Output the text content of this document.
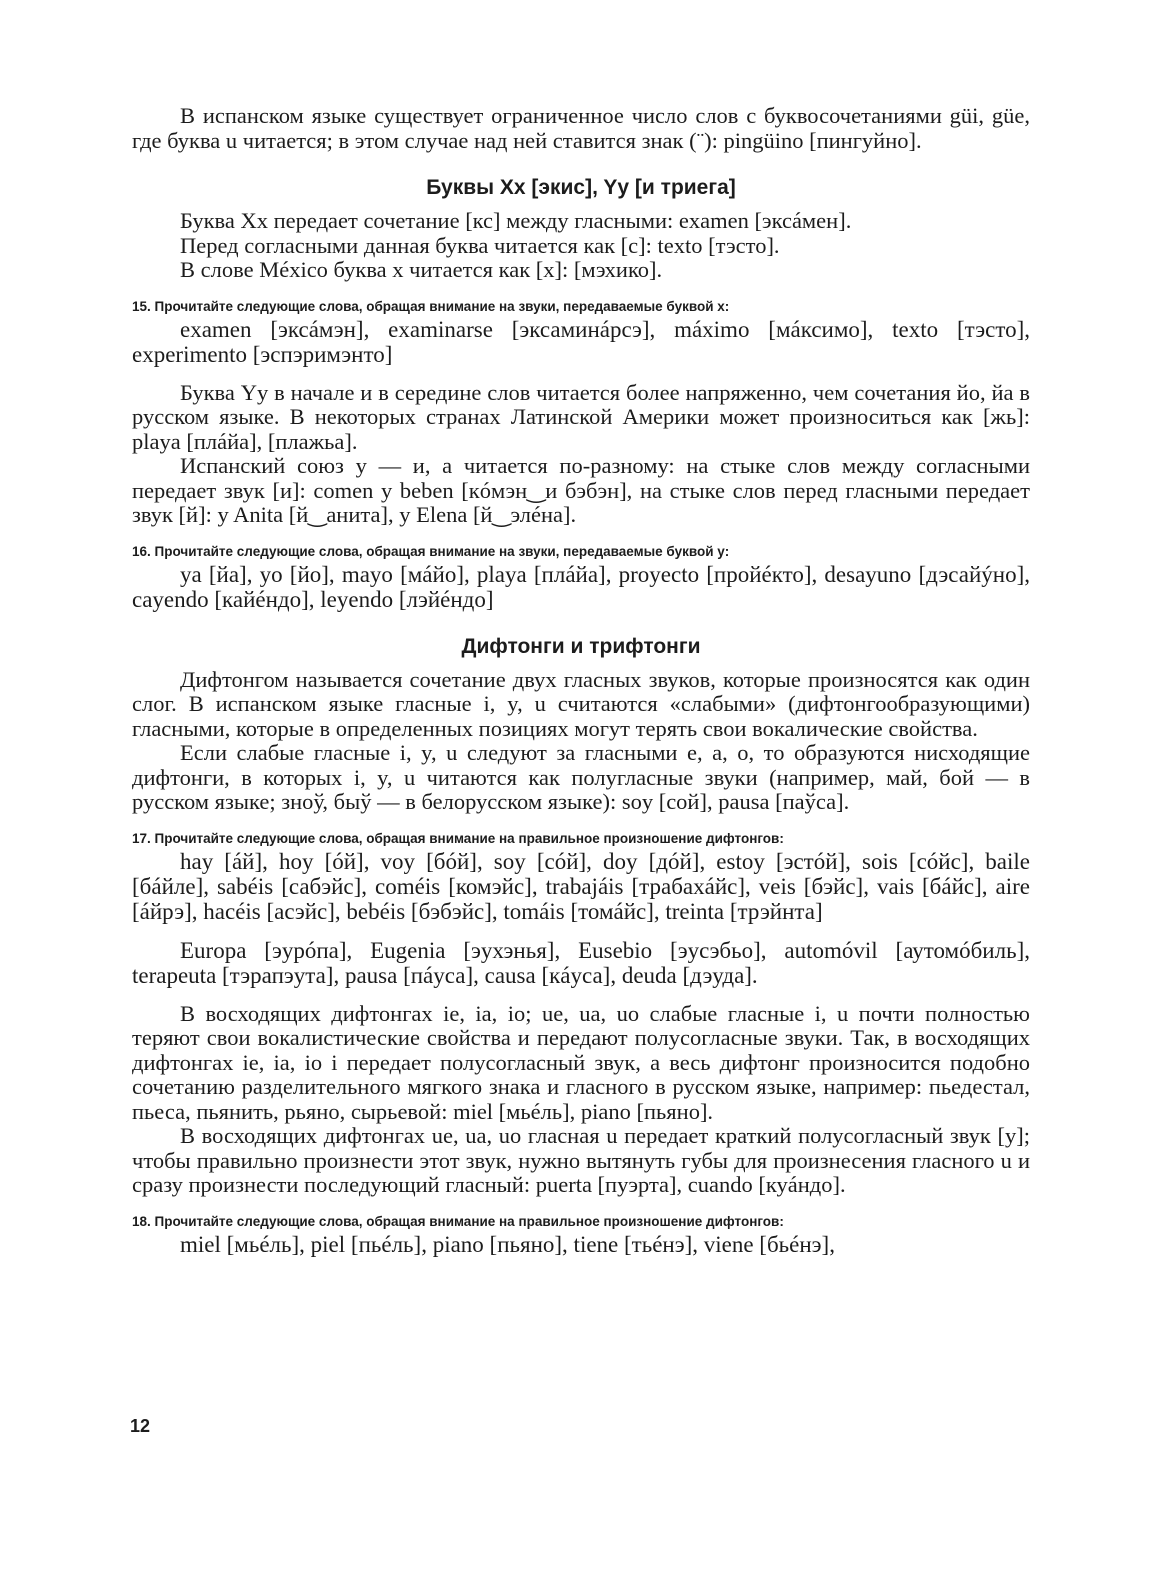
В испанском языке существует ограниченное число слов с буквосочетаниями güi, güe, где буква u читается; в этом случае над ней ставится знак (¨): pingüino [пингуйно].

Буквы Xx [экис], Yy [и триега]

Буква Xx передает сочетание [кс] между гласными: examen [эксáмен].

Перед согласными данная буква читается как [с]: texto [тэсто].

В слове México буква x читается как [х]: [мэхико].

15. Прочитайте следующие слова, обращая внимание на звуки, передаваемые буквой x:

examen [эксáмэн], examinarse [эксаминáрсэ], máximo [мáксимо], texto [тэсто], experimento [эспэримэнто]

Буква Yy в начале и в середине слов читается более напряженно, чем сочетания йо, йа в русском языке. В некоторых странах Латинской Америки может произноситься как [жь]: playa [плáйа], [плажьа].

Испанский союз y — и, а читается по-разному: на стыке слов между согласными передает звук [и]: comen y beben [кóмэн‿и бэбэн], на стыке слов перед гласными передает звук [й]: y Anita [й‿анита], y Elena [й‿элéна].

16. Прочитайте следующие слова, обращая внимание на звуки, передаваемые буквой y:

ya [йа], yo [йо], mayo [мáйо], playa [плáйа], proyecto [пройéкто], desayuno [дэсайýно], cayendo [кайéндо], leyendo [лэйéндо]

Дифтонги и трифтонги

Дифтонгом называется сочетание двух гласных звуков, которые произносятся как один слог. В испанском языке гласные i, y, u считаются «слабыми» (дифтонгообразующими) гласными, которые в определенных позициях могут терять свои вокалические свойства.

Если слабые гласные i, y, u следуют за гласными e, a, o, то образуются нисходящие дифтонги, в которых i, y, u читаются как полугласные звуки (например, май, бой — в русском языке; зноў, быў — в белорусском языке): soy [сой], pausa [паўса].

17. Прочитайте следующие слова, обращая внимание на правильное произношение дифтонгов:

hay [áй], hoy [óй], voy [бóй], soy [сóй], doy [дóй], estoy [эстóй], sois [сóйс], baile [бáйле], sabéis [сабэйс], coméis [комэйс], trabajáis [трабахáйс], veis [бэйс], vais [бáйс], aire [áйрэ], hacéis [асэйс], bebéis [бэбэйс], tomáis [томáйс], treinta [трэйнта]

Europa [эурóпа], Eugenia [эухэнья], Eusebio [эусэбьо], automóvil [аутомóбиль], terapeuta [тэрапэута], pausa [пáуса], causa [кáуса], deuda [дэуда].

В восходящих дифтонгах ie, ia, io; ue, ua, uo слабые гласные i, u почти полностью теряют свои вокалистические свойства и передают полусогласные звуки. Так, в восходящих дифтонгах ie, ia, io i передает полусогласный звук, а весь дифтонг произносится подобно сочетанию разделительного мягкого знака и гласного в русском языке, например: пьедестал, пьеса, пьянить, рьяно, сырьевой: miel [мьéль], piano [пьяно].

В восходящих дифтонгах ue, ua, uo гласная u передает краткий полусогласный звук [у]; чтобы правильно произнести этот звук, нужно вытянуть губы для произнесения гласного u и сразу произнести последующий гласный: puerta [пуэрта], cuando [куáндо].

18. Прочитайте следующие слова, обращая внимание на правильное произношение дифтонгов:

miel [мьéль], piel [пьéль], piano [пьяно], tiene [тьéнэ], viene [бьéнэ],

12
